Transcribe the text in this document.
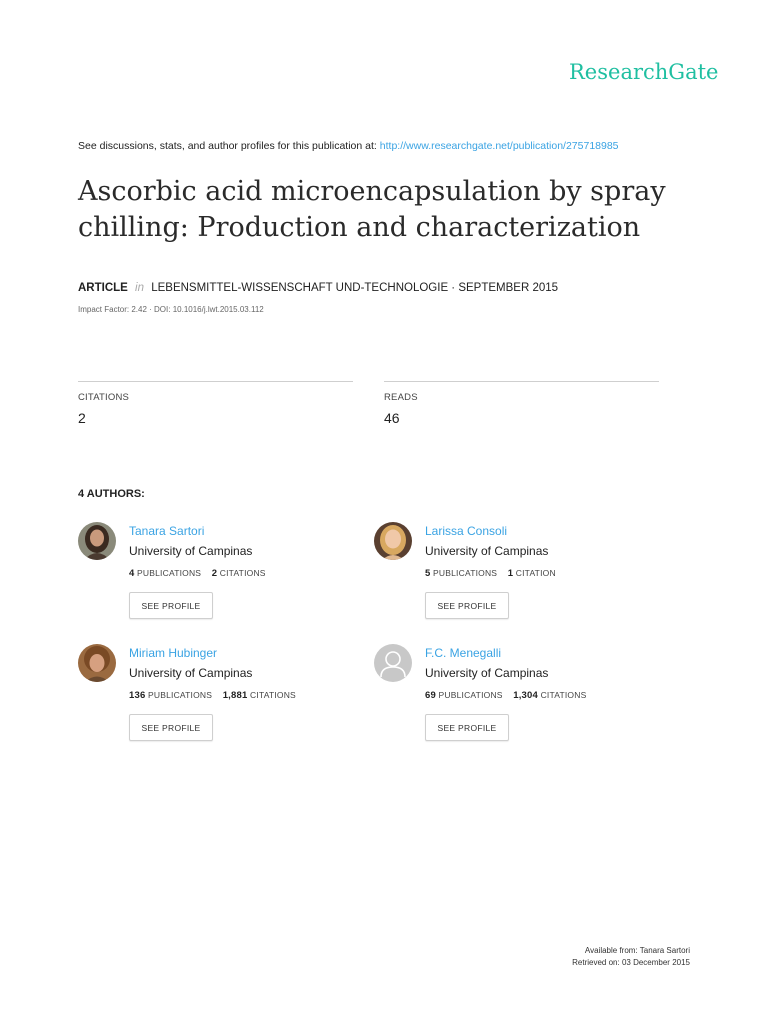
ResearchGate
See discussions, stats, and author profiles for this publication at: http://www.researchgate.net/publication/275718985
Ascorbic acid microencapsulation by spray chilling: Production and characterization
ARTICLE in LEBENSMITTEL-WISSENSCHAFT UND-TECHNOLOGIE · SEPTEMBER 2015
Impact Factor: 2.42 · DOI: 10.1016/j.lwt.2015.03.112
CITATIONS
2
READS
46
4 AUTHORS:
Tanara Sartori
University of Campinas
4 PUBLICATIONS 2 CITATIONS
SEE PROFILE
Larissa Consoli
University of Campinas
5 PUBLICATIONS 1 CITATION
SEE PROFILE
Miriam Hubinger
University of Campinas
136 PUBLICATIONS 1,881 CITATIONS
SEE PROFILE
F.C. Menegalli
University of Campinas
69 PUBLICATIONS 1,304 CITATIONS
SEE PROFILE
Available from: Tanara Sartori
Retrieved on: 03 December 2015
